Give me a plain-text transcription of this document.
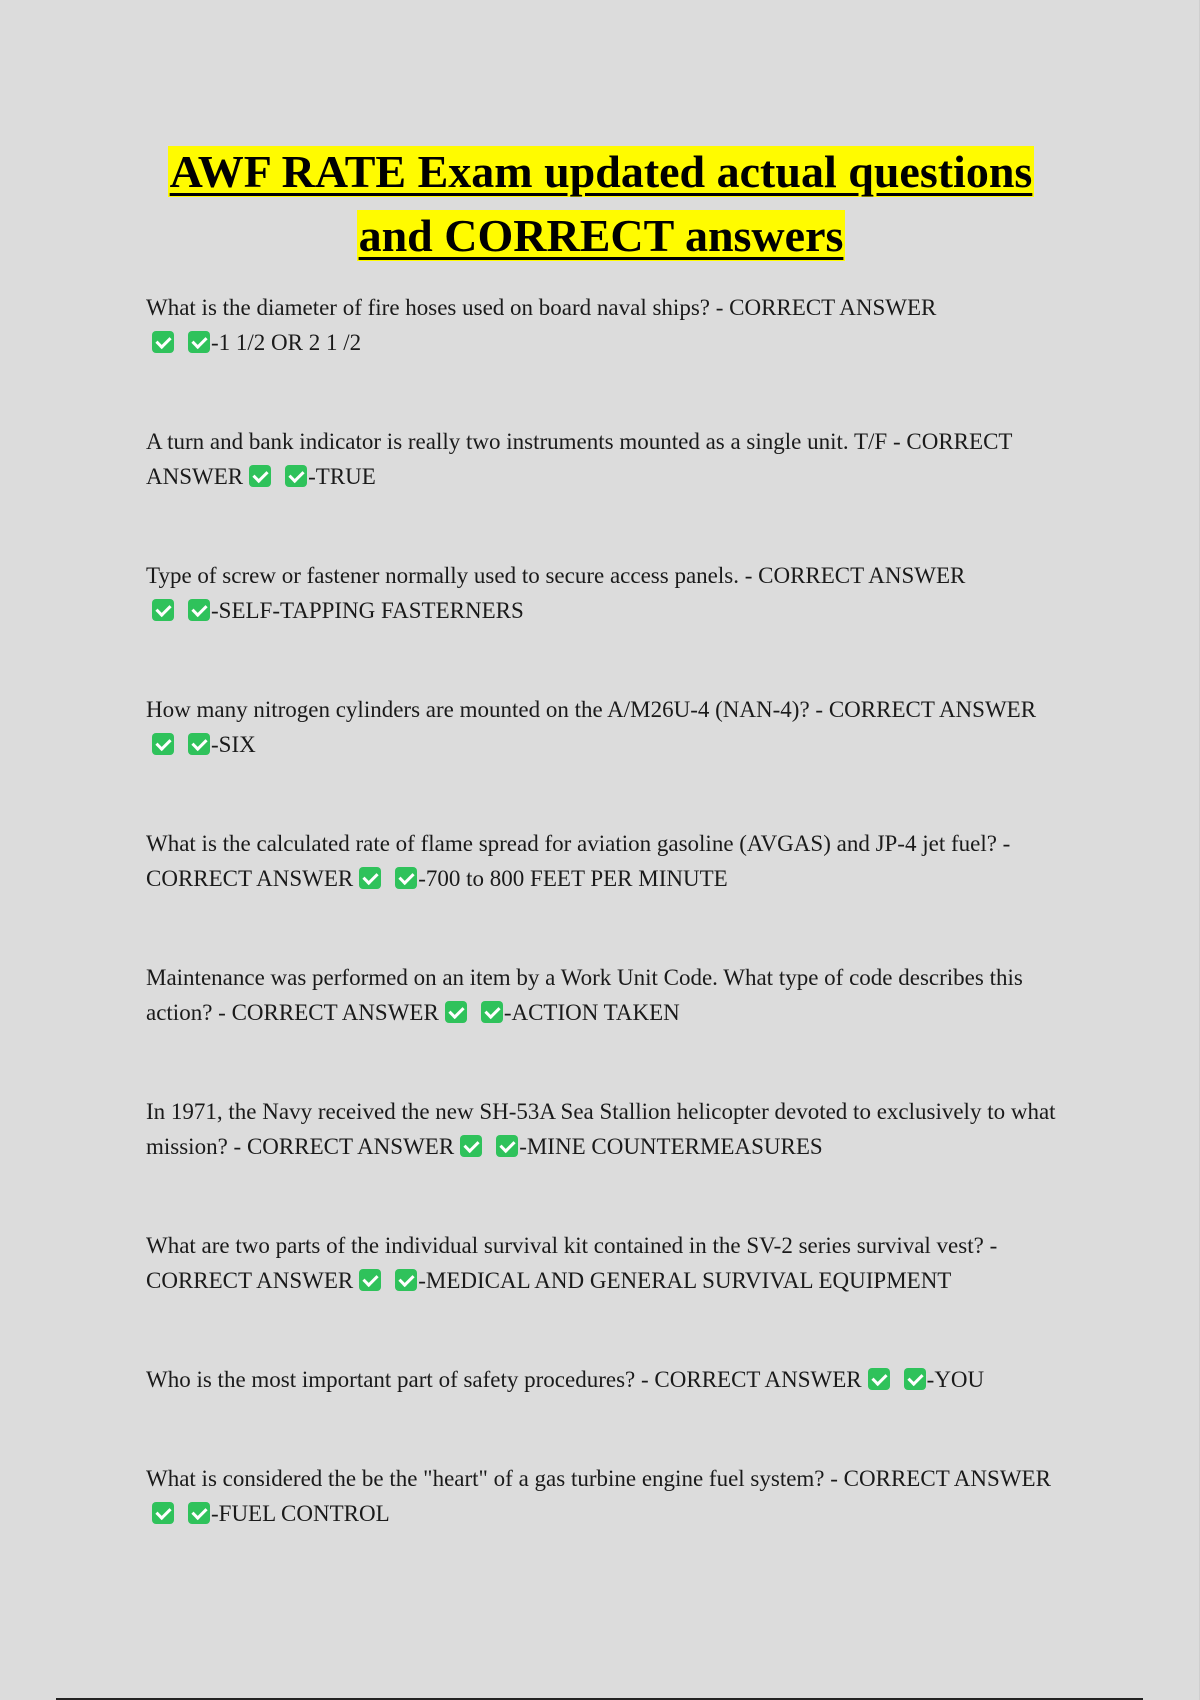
AWF RATE Exam updated actual questions and CORRECT answers
What is the diameter of fire hoses used on board naval ships? - CORRECT ANSWER-1 1/2 OR 2 1 /2
A turn and bank indicator is really two instruments mounted as a single unit. T/F - CORRECT ANSWER	-TRUE
Type of screw or fastener normally used to secure access panels. - CORRECT ANSWER-SELF-TAPPING FASTERNERS
How many nitrogen cylinders are mounted on the A/M26U-4 (NAN-4)? - CORRECT ANSWER-SIX
What is the calculated rate of flame spread for aviation gasoline (AVGAS) and JP-4 jet fuel? - CORRECT ANSWER	-700 to 800 FEET PER MINUTE
Maintenance was performed on an item by a Work Unit Code. What type of code describes this action? - CORRECT ANSWER	-ACTION TAKEN
In 1971, the Navy received the new SH-53A Sea Stallion helicopter devoted to exclusively to what mission? - CORRECT ANSWER	-MINE COUNTERMEASURES
What are two parts of the individual survival kit contained in the SV-2 series survival vest? - CORRECT ANSWER	-MEDICAL AND GENERAL SURVIVAL EQUIPMENT
Who is the most important part of safety procedures? - CORRECT ANSWER	-YOU
What is considered the be the "heart" of a gas turbine engine fuel system? - CORRECT ANSWER-FUEL CONTROL
